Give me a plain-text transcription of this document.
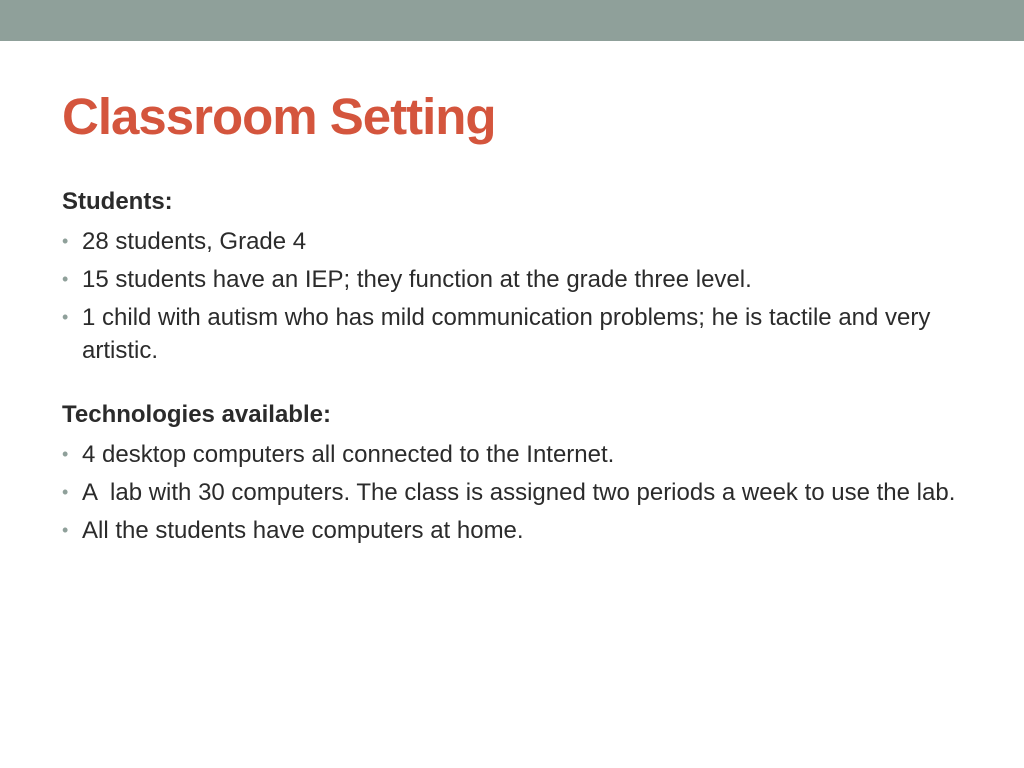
Classroom Setting

Students:

• 28 students, Grade 4
• 15 students have an IEP; they function at the grade three level.
• 1 child with autism who has mild communication problems; he is tactile and very artistic.

Technologies available:

• 4 desktop computers all connected to the Internet.
• A  lab with 30 computers. The class is assigned two periods a week to use the lab.
• All the students have computers at home.
